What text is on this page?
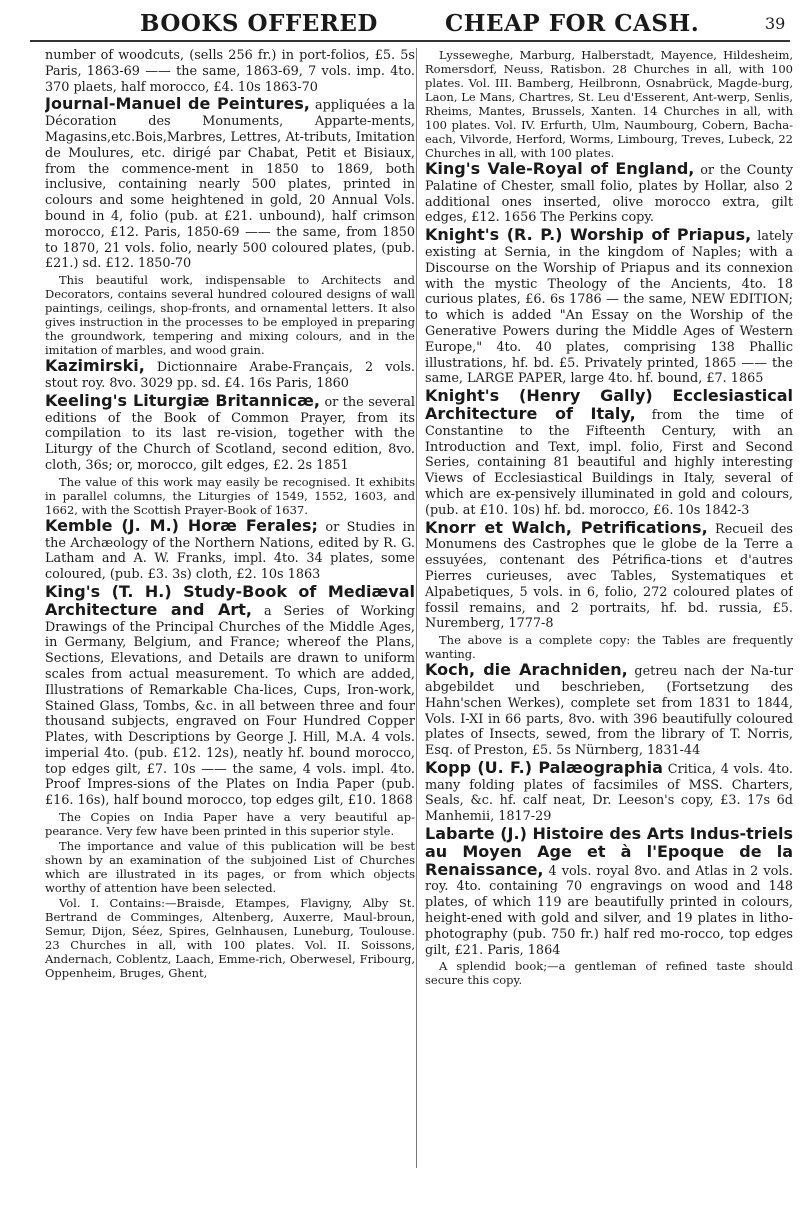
BOOKS OFFERED	CHEAP FOR CASH.	39
number of woodcuts, (sells 256 fr.) in port-folios, £5. 5s Paris, 1863-69 —— the same, 1863-69, 7 vols. imp. 4to. 370 plaets, half morocco, £4. 10s 1863-70
Journal-Manuel de Peintures, appliquées a la Décoration des Monuments, Apparte-ments, Magasins,etc.Bois,Marbres, Lettres, At-tributs, Imitation de Moulures, etc. dirigé par Chabat, Petit et Bisiaux, from the commence-ment in 1850 to 1869, both inclusive, containing nearly 500 plates, printed in colours and some heightened in gold, 20 Annual Vols. bound in 4, folio (pub. at £21. unbound), half crimson morocco, £12. Paris, 1850-69 —— the same, from 1850 to 1870, 21 vols. folio, nearly 500 coloured plates, (pub. £21.) sd. £12. 1850-70
This beautiful work, indispensable to Architects and Decorators, contains several hundred coloured designs of wall paintings, ceilings, shop-fronts, and ornamental letters. It also gives instruction in the processes to be employed in preparing the groundwork, tempering and mixing colours, and in the imitation of marbles, and wood grain.
Kazimirski, Dictionnaire Arabe-Français, 2 vols. stout roy. 8vo. 3029 pp. sd. £4. 16s Paris, 1860
Keeling's Liturgiæ Britannicæ, or the several editions of the Book of Common Prayer, from its compilation to its last re-vision, together with the Liturgy of the Church of Scotland, second edition, 8vo. cloth, 36s; or, morocco, gilt edges, £2. 2s 1851
The value of this work may easily be recognised. It exhibits in parallel columns, the Liturgies of 1549, 1552, 1603, and 1662, with the Scottish Prayer-Book of 1637.
Kemble (J. M.) Horæ Ferales; or Studies in the Archæology of the Northern Nations, edited by R. G. Latham and A. W. Franks, impl. 4to. 34 plates, some coloured, (pub. £3. 3s) cloth, £2. 10s 1863
King's (T. H.) Study-Book of Mediæval Architecture and Art, a Series of Working Drawings of the Principal Churches of the Middle Ages, in Germany, Belgium, and France; whereof the Plans, Sections, Elevations, and Details are drawn to uniform scales from actual measurement. To which are added, Illustrations of Remarkable Cha-lices, Cups, Iron-work, Stained Glass, Tombs, &c. in all between three and four thousand subjects, engraved on Four Hundred Copper Plates, with Descriptions by George J. Hill, M.A. 4 vols. imperial 4to. (pub. £12. 12s), neatly hf. bound morocco, top edges gilt, £7. 10s —— the same, 4 vols. impl. 4to. Proof Impres-sions of the Plates on India Paper (pub. £16. 16s), half bound morocco, top edges gilt, £10. 1868
The Copies on India Paper have a very beautiful ap-pearance. Very few have been printed in this superior style.
The importance and value of this publication will be best shown by an examination of the subjoined List of Churches which are illustrated in its pages, or from which objects worthy of attention have been selected.
Vol. I. Contains:—Braisde, Etampes, Flavigny, Alby St. Bertrand de Comminges, Altenberg, Auxerre, Maul-broun, Semur, Dijon, Séez, Spires, Gelnhausen, Luneburg, Toulouse. 23 Churches in all, with 100 plates. Vol. II. Soissons, Andernach, Coblentz, Laach, Emme-rich, Oberwesel, Fribourg, Oppenheim, Bruges, Ghent,
Lysseweghe, Marburg, Halberstadt, Mayence, Hildesheim, Romersdorf, Neuss, Ratisbon. 28 Churches in all, with 100 plates. Vol. III. Bamberg, Heilbronn, Osnabrück, Magde-burg, Laon, Le Mans, Chartres, St. Leu d'Esserent, Ant-werp, Senlis, Rheims, Mantes, Brussels, Xanten. 14 Churches in all, with 100 plates. Vol. IV. Erfurth, Ulm, Naumbourg, Cobern, Bacha-each, Vilvorde, Herford, Worms, Limbourg, Treves, Lubeck, 22 Churches in all, with 100 plates.
King's Vale-Royal of England, or the County Palatine of Chester, small folio, plates by Hollar, also 2 additional ones inserted, olive morocco extra, gilt edges, £12. 1656 The Perkins copy.
Knight's (R. P.) Worship of Priapus, lately existing at Sernia, in the kingdom of Naples; with a Discourse on the Worship of Priapus and its connexion with the mystic Theology of the Ancients, 4to. 18 curious plates, £6. 6s 1786 — the same, NEW EDITION; to which is added "An Essay on the Worship of the Generative Powers during the Middle Ages of Western Europe," 4to. 40 plates, comprising 138 Phallic illustrations, hf. bd. £5. Privately printed, 1865 —— the same, LARGE PAPER, large 4to. hf. bound, £7. 1865
Knight's (Henry Gally) Ecclesiastical Architecture of Italy, from the time of Constantine to the Fifteenth Century, with an Introduction and Text, impl. folio, First and Second Series, containing 81 beautiful and highly interesting Views of Ecclesiastical Buildings in Italy, several of which are ex-pensively illuminated in gold and colours, (pub. at £10. 10s) hf. bd. morocco, £6. 10s 1842-3
Knorr et Walch, Petrifications, Recueil des Monumens des Castrophes que le globe de la Terre a essuyées, contenant des Pétrifica-tions et d'autres Pierres curieuses, avec Tables, Systematiques et Alpabetiques, 5 vols. in 6, folio, 272 coloured plates of fossil remains, and 2 portraits, hf. bd. russia, £5. Nuremberg, 1777-8
The above is a complete copy: the Tables are frequently wanting.
Koch, die Arachniden, getreu nach der Na-tur abgebildet und beschrieben, (Fortsetzung des Hahn'schen Werkes), complete set from 1831 to 1844, Vols. I-XI in 66 parts, 8vo. with 396 beautifully coloured plates of Insects, sewed, from the library of T. Norris, Esq. of Preston, £5. 5s Nürnberg, 1831-44
Kopp (U. F.) Palæographia Critica, 4 vols. 4to. many folding plates of facsimiles of MSS. Charters, Seals, &c. hf. calf neat, Dr. Leeson's copy, £3. 17s 6d Manhemii, 1817-29
Labarte (J.) Histoire des Arts Indus-triels au Moyen Age et à l'Epoque de la Renaissance, 4 vols. royal 8vo. and Atlas in 2 vols. roy. 4to. containing 70 engravings on wood and 148 plates, of which 119 are beautifully printed in colours, height-ened with gold and silver, and 19 plates in litho-photography (pub. 750 fr.) half red mo-rocco, top edges gilt, £21. Paris, 1864
A splendid book;—a gentleman of refined taste should secure this copy.
